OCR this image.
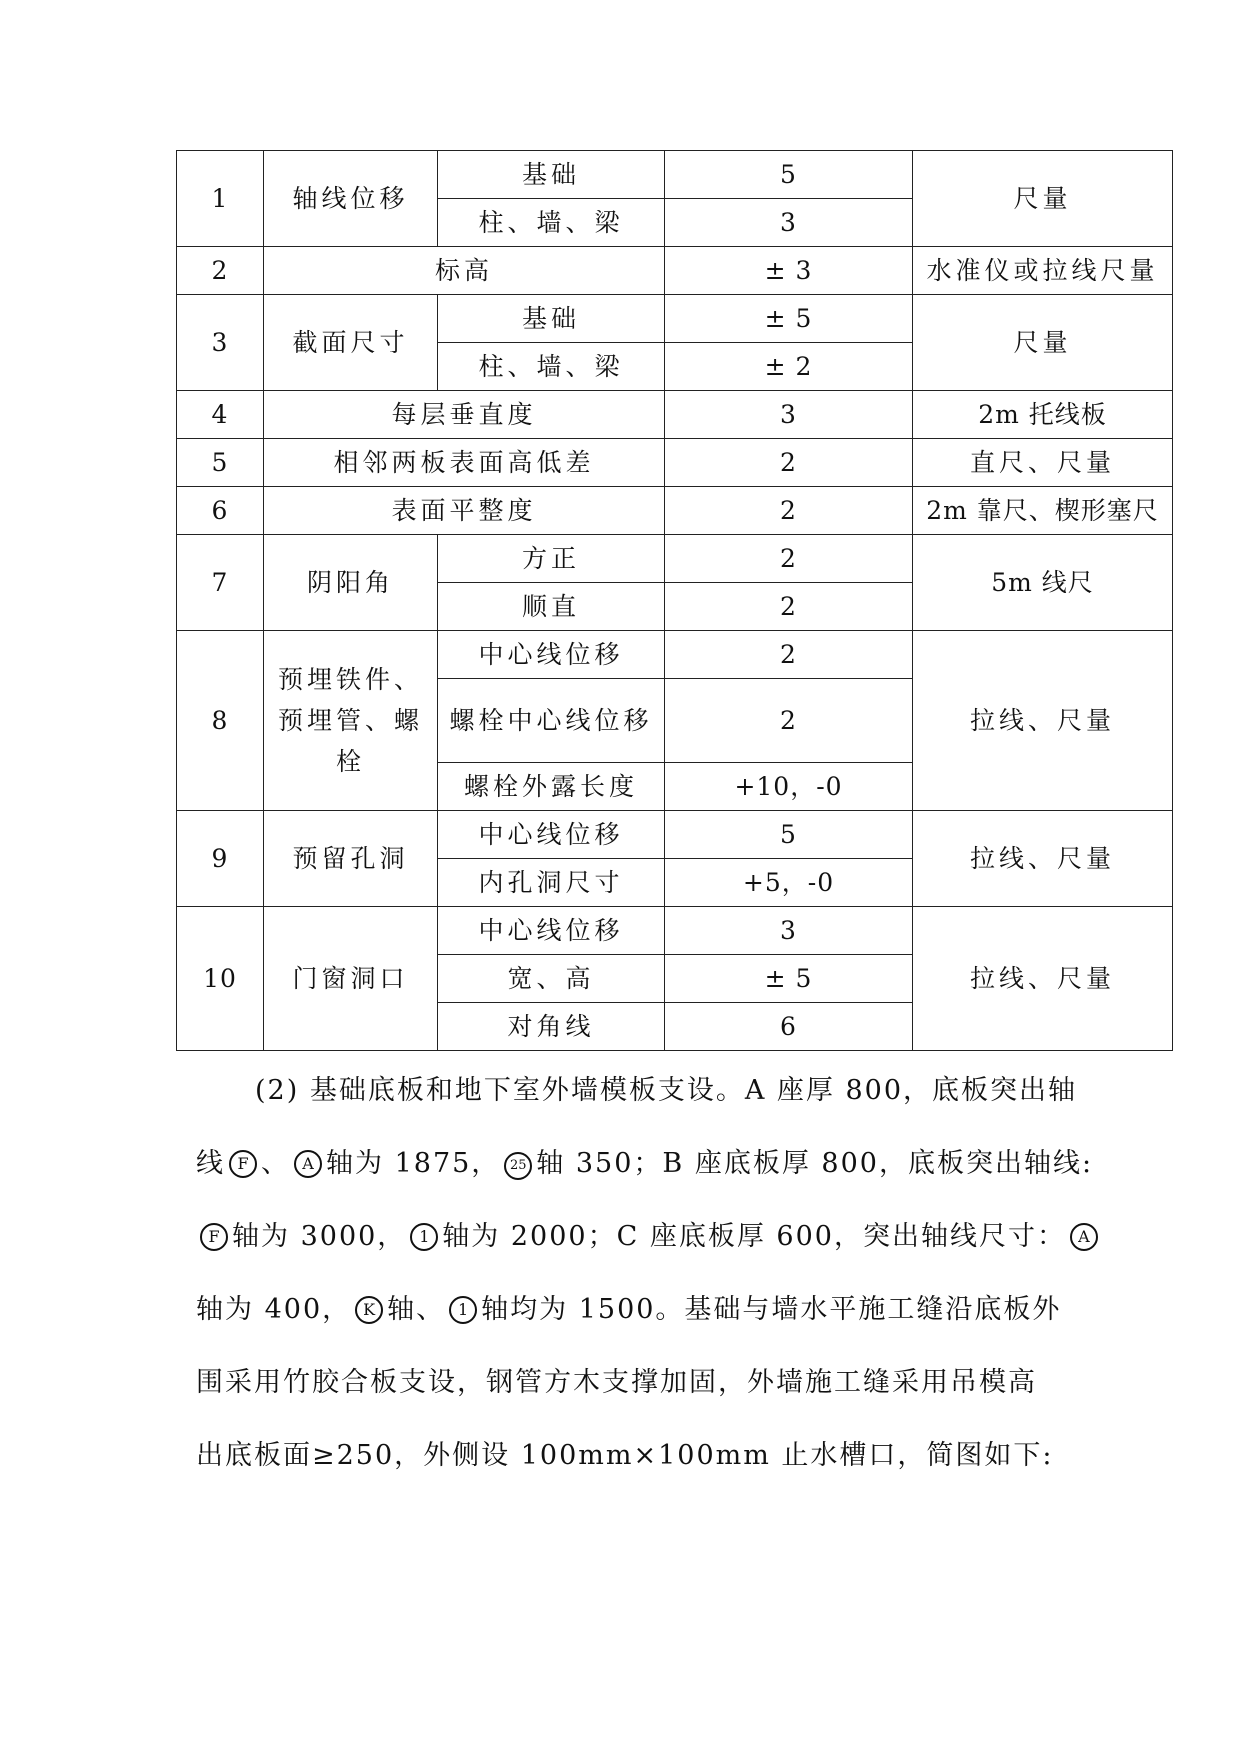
1	轴线位移	基础	5	尺量
		柱、墙、梁	3	
2	标高		± 3	水准仪或拉线尺量
3	截面尺寸	基础	± 5	尺量
		柱、墙、梁	± 2	
4	每层垂直度		3	2m 托线板
5	相邻两板表面高低差		2	直尺、尺量
6	表面平整度		2	2m 靠尺、楔形塞尺
7	阴阳角	方正	2	5m 线尺
		顺直	2	
8	预埋铁件、预埋管、螺栓	中心线位移	2	拉线、尺量
		螺栓中心线位移	2	
		螺栓外露长度	+10，-0	
9	预留孔洞	中心线位移	5	拉线、尺量
		内孔洞尺寸	+5，-0	
10	门窗洞口	中心线位移	3	拉线、尺量
		宽、高	± 5	
		对角线	6	
(2) 基础底板和地下室外墙模板支设。A 座厚 800，底板突出轴
线 F 、 A 轴为 1875， 25 轴 350；B 座底板厚 800，底板突出轴线:
F 轴为 3000， 1 轴为 2000；C 座底板厚 600，突出轴线尺寸： A
轴为 400， K 轴、 1 轴均为 1500。基础与墙水平施工缝沿底板外
围采用竹胶合板支设，钢管方木支撑加固，外墙施工缝采用吊模高
出底板面≥250，外侧设 100mm×100mm 止水槽口，简图如下:
